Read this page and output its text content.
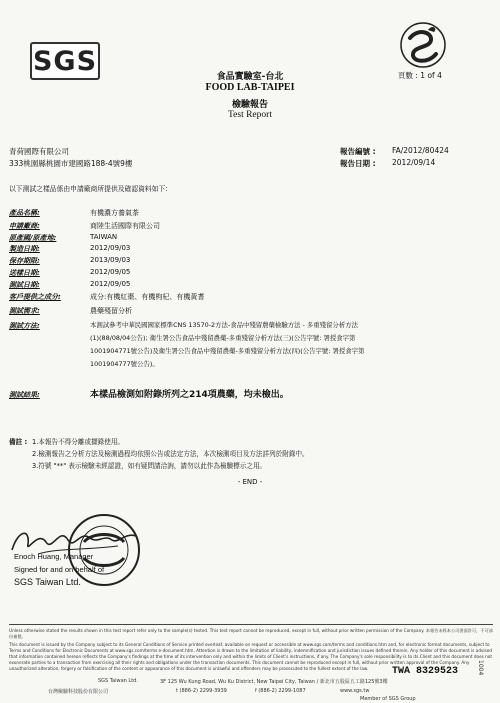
SGS
食品實驗室-台北
FOOD LAB-TAIPEI
檢驗報告
Test Report
頁數 : 1 of 4
青荷國際有限公司
333桃園縣桃園市建國路188-4號9樓
報告編號 : FA/2012/80424
報告日期 : 2012/09/14
以下測試之樣品係由申請廠商所提供及確認資料如下:
產品名稱:	有機濃方養氣茶
申請廠商:	商陸生活國際有限公司
原產國/原產地:	TAIWAN
製造日期:	2012/09/03
保存期限:	2013/09/03
送樣日期:	2012/09/05
測試日期:	2012/09/05
客戶提供之成分:	成分:有機紅棗、有機枸杞、有機黃耆
測試需求:	農藥殘留分析
測試方法:	本測試參考中華民國國家標準CNS 13570-2方法-食品中殘留農藥檢驗方法 - 多重殘留分析方法
(1)(88/08/04公告); 衛生署公告食品中殘留農藥-多重殘留分析方法(三)(公告字號: 署授食字第
1001904771號公告)及衛生署公告食品中殘留農藥-多重殘留分析方法(四)(公告字號: 署授食字第
1001904777號公告)。
測試結果:	本樣品檢測如附錄所列之214項農藥，均未檢出。
備註 : 1.本報告不得分離或擷錄使用。
2.檢測報告之分析方法及檢測過程均依照公告或法定方法，本次檢測項目及方法詳列於附錄中。
3.符號 "**" 表示檢驗未經認證，如有疑問請洽詢，請勿以此作為檢驗標示之用。
- END -
Enoch Huang, Manager
Signed for and on behalf of
SGS Taiwan Ltd.
Unless otherwise stated the results shown in this test report refer only to the sample(s) tested. This test report cannot be reproduced, except in full, without prior written permission of the Company. 本報告未經本公司書面許可，不可部份複製。
This document is issued by the Company subject to its General Conditions of Service printed overleaf, available on request or accessible at www.sgs.com/terms and conditions.htm and, for electronic format documents, subject to Terms and Conditions for Electronic Documents at www.sgs.com/terms e-document.htm. Attention is drawn to the limitation of liability, indemnification and jurisdiction issues defined therein. Any holder of this document is advised that information contained hereon reflects the Company's findings at the time of its intervention only and within the limits of Client's instructions, if any. The Company's sole responsibility is to its Client and this document does not exonerate parties to a transaction from exercising all their rights and obligations under the transaction documents. This document cannot be reproduced except in full, without prior written approval of the Company. Any unauthorized alteration, forgery or falsification of the content or appearance of this document is unlawful and offenders may be prosecuted to the fullest extent of the law.
SGS Taiwan Ltd.	3F 125 Wu Kung Road, Wu Ku District, New Taipei City, Taiwan / 新北市五股區五工路125號3樓
台灣檢驗科技股份有限公司	t (886-2) 2299-3939	f (886-2) 2299-1087	www.sgs.tw
TWA 8329523
Member of SGS Group
1004
